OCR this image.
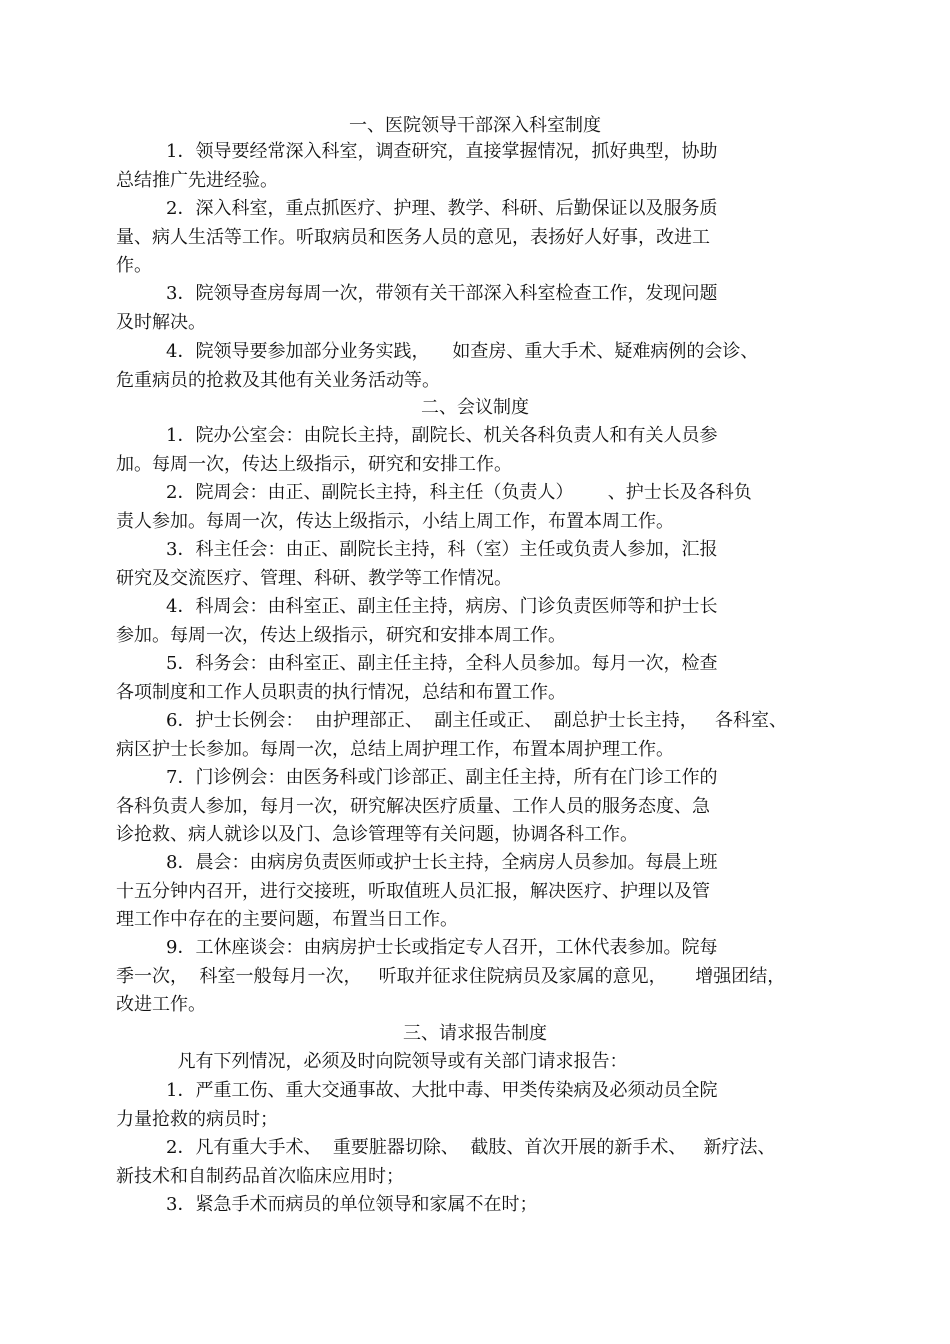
一、医院领导干部深入科室制度
1．领导要经常深入科室，调查研究，直接掌握情况，抓好典型，协助
总结推广先进经验。
2．深入科室，重点抓医疗、护理、教学、科研、后勤保证以及服务质
量、病人生活等工作。听取病员和医务人员的意见，表扬好人好事，改进工
作。
3．院领导查房每周一次，带领有关干部深入科室检查工作，发现问题
及时解决。
4．院领导要参加部分业务实践，    如查房、重大手术、疑难病例的会诊、
危重病员的抢救及其他有关业务活动等。
二、会议制度
1．院办公室会：由院长主持，副院长、机关各科负责人和有关人员参
加。每周一次，传达上级指示，研究和安排工作。
2．院周会：由正、副院长主持，科主任（负责人）      、护士长及各科负
责人参加。每周一次，传达上级指示，小结上周工作，布置本周工作。
3．科主任会：由正、副院长主持，科（室）主任或负责人参加，汇报
研究及交流医疗、管理、科研、教学等工作情况。
4．科周会：由科室正、副主任主持，病房、门诊负责医师等和护士长
参加。每周一次，传达上级指示，研究和安排本周工作。
5．科务会：由科室正、副主任主持，全科人员参加。每月一次，检查
各项制度和工作人员职责的执行情况，总结和布置工作。
6．护士长例会：  由护理部正、  副主任或正、  副总护士长主持，   各科室、
病区护士长参加。每周一次，总结上周护理工作，布置本周护理工作。
7．门诊例会：由医务科或门诊部正、副主任主持，所有在门诊工作的
各科负责人参加，每月一次，研究解决医疗质量、工作人员的服务态度、急
诊抢救、病人就诊以及门、急诊管理等有关问题，协调各科工作。
8．晨会：由病房负责医师或护士长主持，全病房人员参加。每晨上班
十五分钟内召开，进行交接班，听取值班人员汇报，解决医疗、护理以及管
理工作中存在的主要问题，布置当日工作。
9．工休座谈会：由病房护士长或指定专人召开，工休代表参加。院每
季一次，  科室一般每月一次，   听取并征求住院病员及家属的意见，     增强团结，
改进工作。
三、请求报告制度
凡有下列情况，必须及时向院领导或有关部门请求报告：
1．严重工伤、重大交通事故、大批中毒、甲类传染病及必须动员全院
力量抢救的病员时；
2．凡有重大手术、  重要脏器切除、  截肢、首次开展的新手术、   新疗法、
新技术和自制药品首次临床应用时；
3．紧急手术而病员的单位领导和家属不在时；
